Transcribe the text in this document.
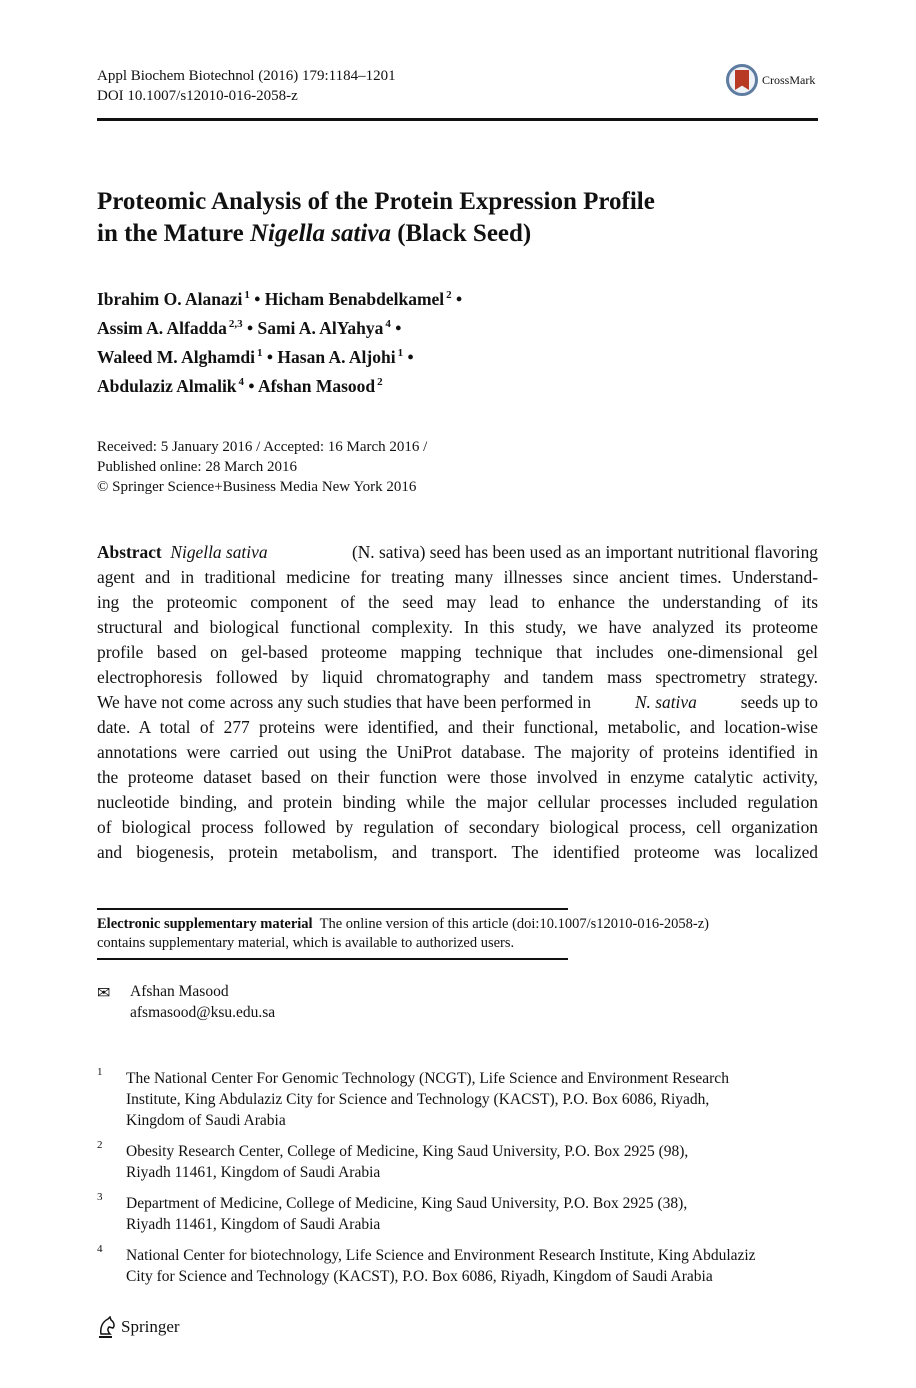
Appl Biochem Biotechnol (2016) 179:1184–1201
DOI 10.1007/s12010-016-2058-z
CrossMark
Proteomic Analysis of the Protein Expression Profile
in the Mature Nigella sativa (Black Seed)
Ibrahim O. Alanazi $^1$ • Hicham Benabdelkamel $^2$ •
Assim A. Alfadda $^{2,3}$ • Sami A. AlYahya $^4$ •
Waleed M. Alghamdi $^1$ • Hasan A. Aljohi $^1$ •
Abdulaziz Almalik $^4$ • Afshan Masood $^2$
Received: 5 January 2016 / Accepted: 16 March 2016 /
Published online: 28 March 2016
© Springer Science+Business Media New York 2016
Abstract Nigella sativa	(N. sativa) seed has been used as an important nutritional flavoring
agent and in traditional medicine for treating many illnesses since ancient times. Understand-
ing the proteomic component of the seed may lead to enhance the understanding of its
structural and biological functional complexity. In this study, we have analyzed its proteome
profile based on gel-based proteome mapping technique that includes one-dimensional gel
electrophoresis followed by liquid chromatography and tandem mass spectrometry strategy.
We have not come across any such studies that have been performed in	N. sativa	seeds up to
date. A total of 277 proteins were identified, and their functional, metabolic, and location-wise
annotations were carried out using the UniProt database. The majority of proteins identified in
the proteome dataset based on their function were those involved in enzyme catalytic activity,
nucleotide binding, and protein binding while the major cellular processes included regulation
of biological process followed by regulation of secondary biological process, cell organization
and biogenesis, protein metabolism, and transport. The identified proteome was localized
Electronic supplementary material The online version of this article (doi:10.1007/s12010-016-2058-z)
contains supplementary material, which is available to authorized users.
✉ Afshan Masood
afsmasood@ksu.edu.sa
1 The National Center For Genomic Technology (NCGT), Life Science and Environment Research
Institute, King Abdulaziz City for Science and Technology (KACST), P.O. Box 6086, Riyadh,
Kingdom of Saudi Arabia
2 Obesity Research Center, College of Medicine, King Saud University, P.O. Box 2925 (98),
Riyadh 11461, Kingdom of Saudi Arabia
3 Department of Medicine, College of Medicine, King Saud University, P.O. Box 2925 (38),
Riyadh 11461, Kingdom of Saudi Arabia
4 National Center for biotechnology, Life Science and Environment Research Institute, King Abdulaziz
City for Science and Technology (KACST), P.O. Box 6086, Riyadh, Kingdom of Saudi Arabia
Springer
